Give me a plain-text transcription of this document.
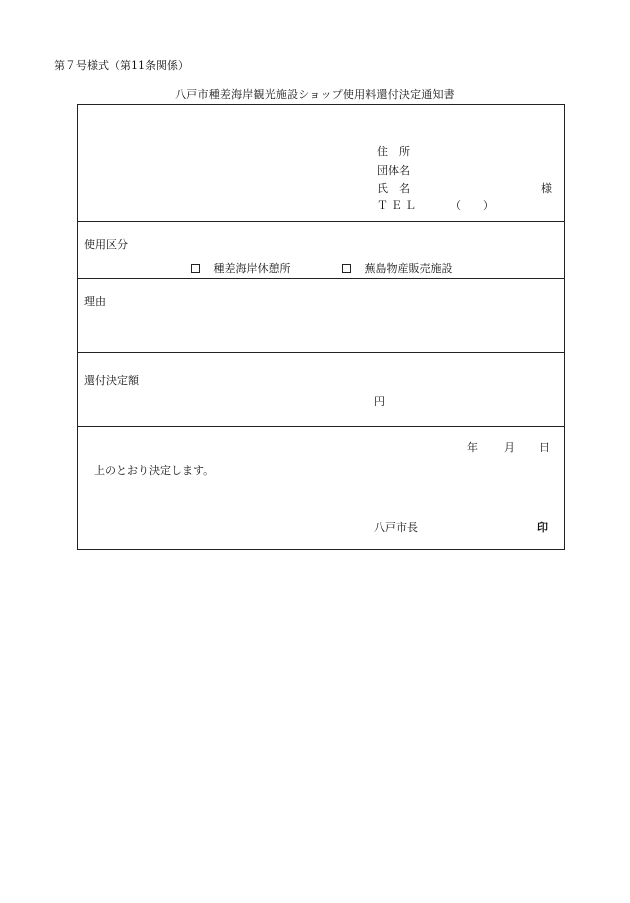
第７号様式（第11条関係）
八戸市種差海岸観光施設ショップ使用料還付決定通知書
住　所
団体名
氏　名	様
ＴＥＬ	（　　）
使用区分
種差海岸休憩所	蕪島物産販売施設
理由
還付決定額
円
年 月 日
上のとおり決定します。
八戸市長	印
